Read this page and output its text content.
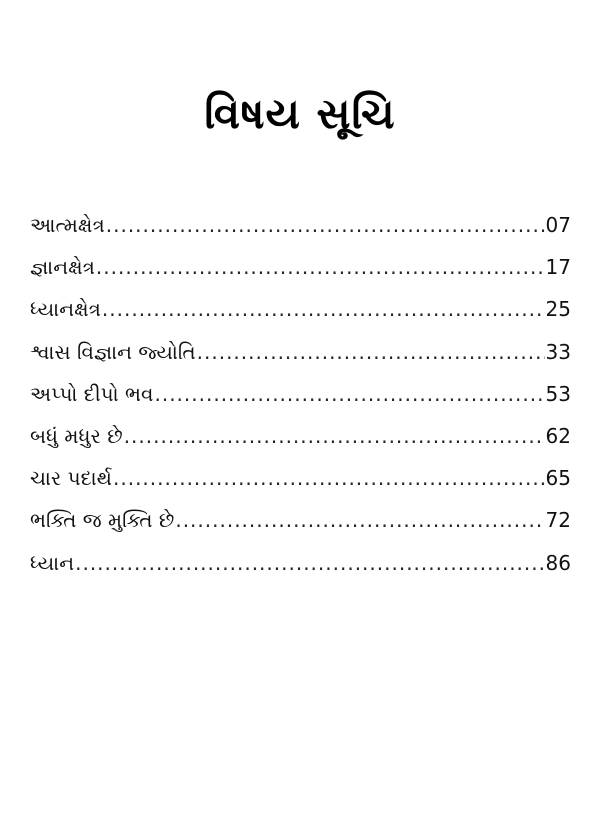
વિષય સૂચિ
આત્મક્ષેત્ર .....	07
જ્ઞાનક્ષેત્ર .....	17
ધ્યાનક્ષેત્ર .....	25
શ્વાસ વિજ્ઞાન જ્યોતિ .....	33
અપ્પો દીપો ભવ .....	53
બધું મધુર છે .....	62
ચાર પદાર્થ .....	65
ભક્તિ જ મુક્તિ છે .....	72
ધ્યાન .....	86
